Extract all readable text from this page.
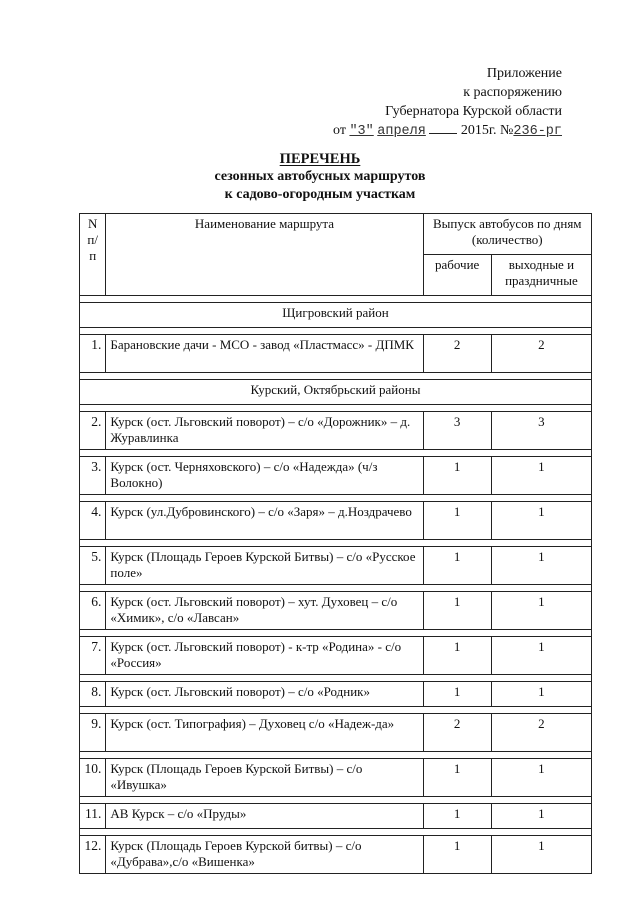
Приложение
к распоряжению
Губернатора Курской области
от "3" апреля	2015г. №236-рг
ПЕРЕЧЕНЬ
сезонных автобусных маршрутов
к садово-огородным участкам
N п/п	Наименование маршрута	Выпуск автобусов по дням (количество)	
		рабочие	выходные и праздничные

Щигровский район			

1.	Барановские дачи - МСО - завод «Пластмасс» - ДПМК	2	2

Курский, Октябрьский районы			

2.	Курск (ост. Льговский поворот) – с/о «Дорожник» – д. Журавлинка	3	3

3.	Курск (ост. Черняховского) – с/о «Надежда» (ч/з Волокно)	1	1

4.	Курск (ул.Дубровинского) – с/о «Заря» – д.Ноздрачево	1	1

5.	Курск (Площадь Героев Курской Битвы) – с/о «Русское поле»	1	1

6.	Курск (ост. Льговский поворот) – хут. Духовец – с/о «Химик», с/о «Лавсан»	1	1

7.	Курск (ост. Льговский поворот) - к-тр «Родина» - с/о «Россия»	1	1

8.	Курск (ост. Льговский поворот) – с/о «Родник»	1	1

9.	Курск (ост. Типография) – Духовец с/о «Надеж-да»	2	2

10.	Курск (Площадь Героев Курской Битвы) – с/о «Ивушка»	1	1

11.	АВ Курск – с/о «Пруды»	1	1

12.	Курск (Площадь Героев Курской битвы) – с/о «Дубрава»,с/о «Вишенка»	1	1
